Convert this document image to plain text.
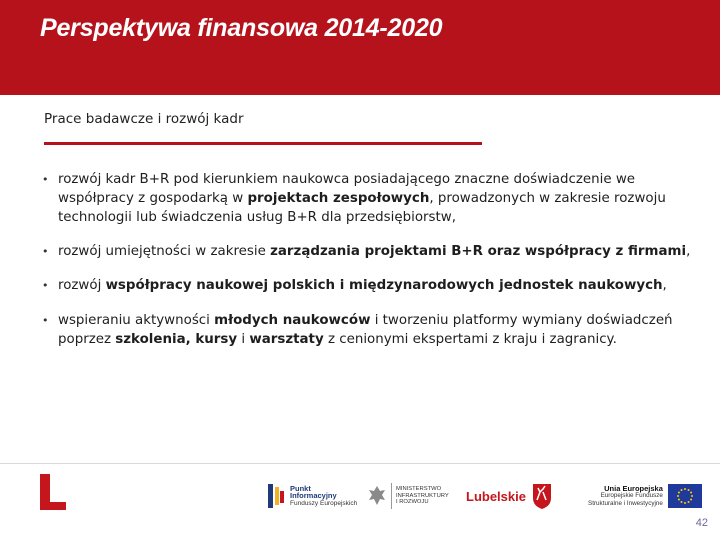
Perspektywa finansowa 2014-2020
Prace badawcze i rozwój kadr
• rozwój kadr B+R pod kierunkiem naukowca posiadającego znaczne doświadczenie we współpracy z gospodarką w projektach zespołowych, prowadzonych w zakresie rozwoju technologii lub świadczenia usług B+R dla przedsiębiorstw,
• rozwój umiejętności w zakresie zarządzania projektami B+R oraz współpracy z firmami,
• rozwój współpracy naukowej polskich i międzynarodowych jednostek naukowych,
• wspieraniu aktywności młodych naukowców i tworzeniu platformy wymiany doświadczeń poprzez szkolenia, kursy i warsztaty z cenionymi ekspertami z kraju i zagranicy.
Punkt
Informacyjny
Funduszy Europejskich
MINISTERSTWO
INFRASTRUKTURY
I ROZWOJU	Lubelskie	Unia Europejska
Europejskie Fundusze
Strukturalne i Inwestycyjne
42
